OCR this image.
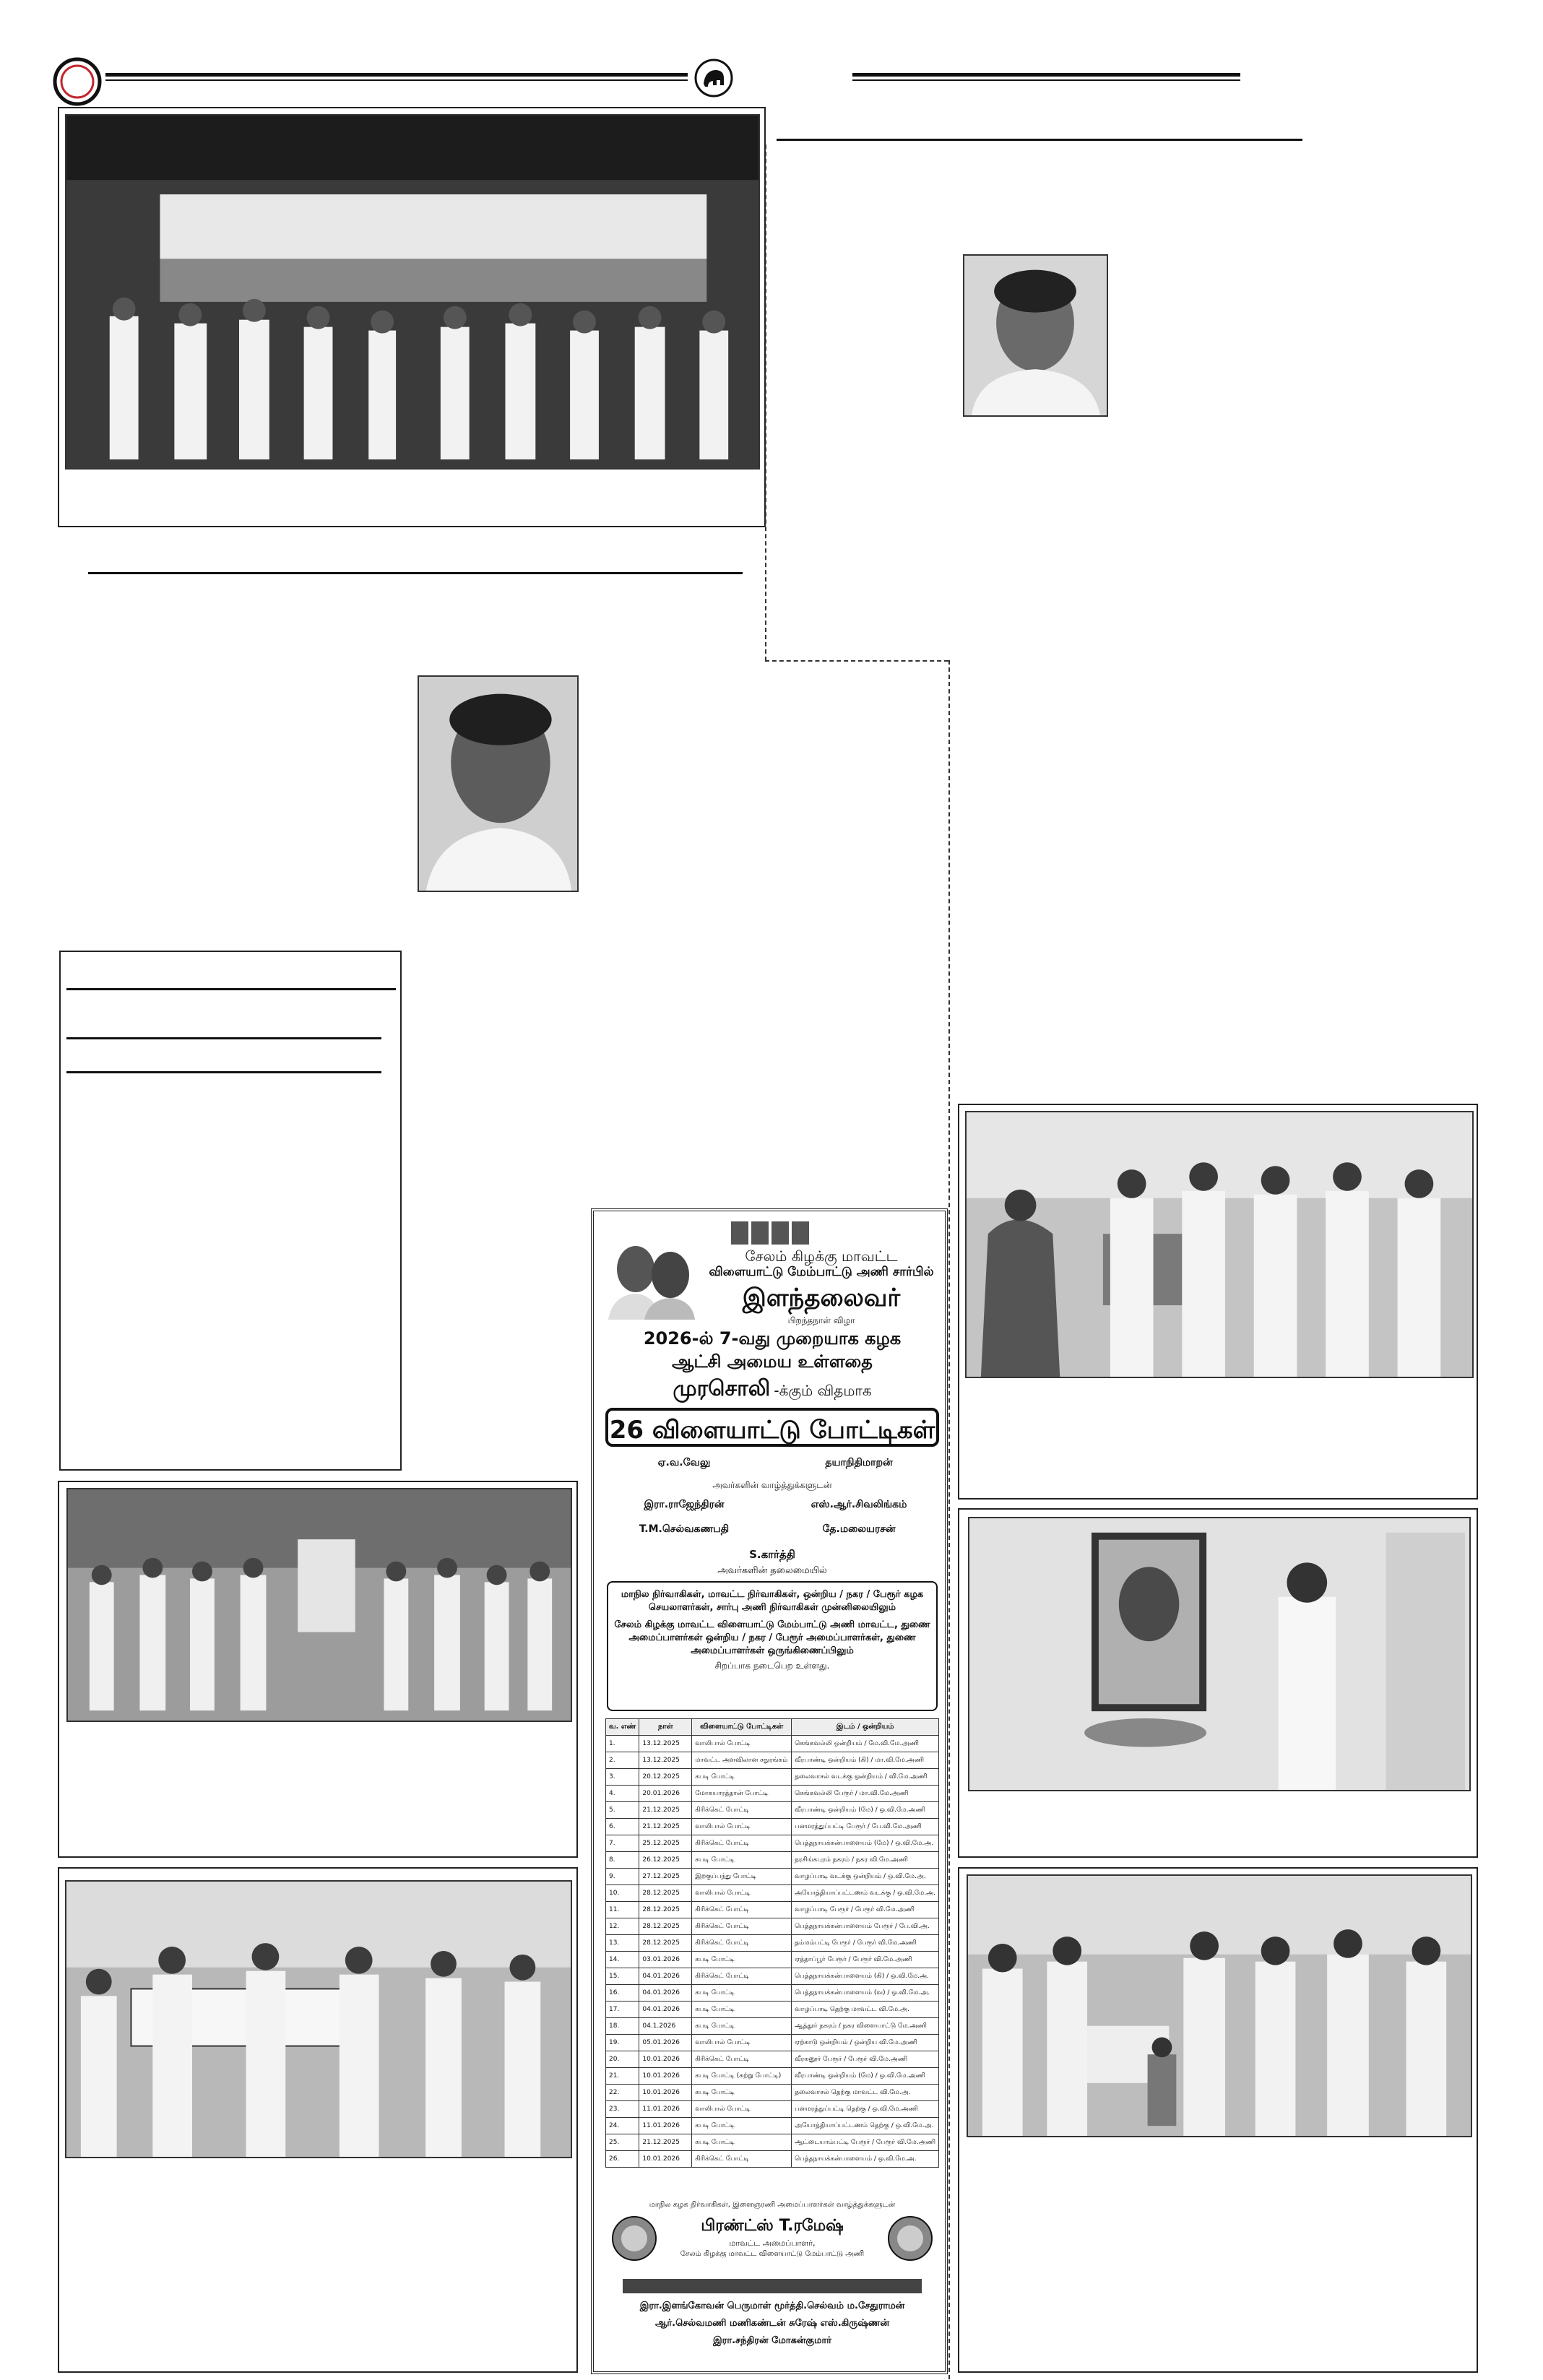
சேலம் கிழக்கு மாவட்ட
விளையாட்டு மேம்பாட்டு அணி சார்பில்
இளந்தலைவர்
பிறந்தநாள் விழா
2026-ல் 7-வது முறையாக கழக
ஆட்சி அமைய உள்ளதை
முரசொலி -க்கும் விதமாக
26 விளையாட்டு போட்டிகள்
ஏ.வ.வேலு	தயாநிதிமாறன்
அவர்களின் வாழ்த்துக்களுடன்
இரா.ராஜேந்திரன்	எஸ்.ஆர்.சிவலிங்கம்
T.M.செல்வகணபதி	தே.மலையரசன்
S.கார்த்தி
அவர்களின் தலைமையில்
மாநில நிர்வாகிகள், மாவட்ட நிர்வாகிகள், ஒன்றிய / நகர / பேரூர் கழக செயலாளர்கள், சார்பு அணி நிர்வாகிகள் முன்னிலையிலும்
சேலம் கிழக்கு மாவட்ட விளையாட்டு மேம்பாட்டு அணி மாவட்ட, துணை அமைப்பாளர்கள் ஒன்றிய / நகர / பேரூர் அமைப்பாளர்கள், துணை அமைப்பாளர்கள் ஒருங்கிணைப்பிலும்
சிறப்பாக நடைபெற உள்ளது.
வ. எண்	நாள்	விளையாட்டு போட்டிகள்	இடம் / ஒன்றியம்
1.	13.12.2025	வாலிபால் போட்டி	கெங்கவல்லி ஒன்றியம் / மே.வி.மே.அணி
2.	13.12.2025	மாவட்ட அளவிலான சதுரங்கம்	வீரபாண்டி ஒன்றியம் (கி) / மா.வி.மே.அணி
3.	20.12.2025	கபடி போட்டி	தலைவாசல் வடக்கு ஒன்றியம் / வி.மே.அணி
4.	20.01.2026	மோகயாரத்தான் போட்டி	கெங்கவல்லி பேரூர் / மா.வி.மே.அணி
5.	21.12.2025	கிரிக்கெட் போட்டி	வீரபாண்டி ஒன்றியம் (மே) / ஒ.வி.மே.அணி
6.	21.12.2025	வாலிபால் போட்டி	பனமரத்துப்பட்டி பேரூர் / பே.வி.மே.அணி
7.	25.12.2025	கிரிக்கெட் போட்டி	பெத்தநாயக்கன்பாளையம் (மே) / ஒ.வி.மே.அ.
8.	26.12.2025	கபடி போட்டி	நரசிங்கபுரம் நகரம் / நகர வி.மே.அணி
9.	27.12.2025	இறகுப்பந்து போட்டி	வாழப்பாடி வடக்கு ஒன்றியம் / ஒ.வி.மே.அ.
10.	28.12.2025	வாலிபால் போட்டி	அயோத்தியாப்பட்டணம் வடக்கு / ஒ.வி.மே.அ.
11.	28.12.2025	கிரிக்கெட் போட்டி	வாழப்பாடி பேரூர் / பேரூர் வி.மே.அணி
12.	28.12.2025	கிரிக்கெட் போட்டி	பெத்தநாயக்கன்பாளையம் பேரூர் / பே.வி.அ.
13.	28.12.2025	கிரிக்கெட் போட்டி	தம்மம்பட்டி பேரூர் / பேரூர் வி.மே.அணி
14.	03.01.2026	கபடி போட்டி	ஏத்தாப்பூர் பேரூர் / பேரூர் வி.மே.அணி
15.	04.01.2026	கிரிக்கெட் போட்டி	பெத்தநாயக்கன்பாளையம் (கி) / ஒ.வி.மே.அ.
16.	04.01.2026	கபடி போட்டி	பெத்தநாயக்கன்பாளையம் (வ) / ஒ.வி.மே.அ.
17.	04.01.2026	கபடி போட்டி	வாழப்பாடி தெற்கு மாவட்ட வி.மே.அ.
18.	04.1.2026	கபடி போட்டி	ஆத்தூர் நகரம் / நகர விளையாட்டு மே.அணி
19.	05.01.2026	வாலிபால் போட்டி	ஏற்காடு ஒன்றியம் / ஒன்றிய வி.மே.அணி
20.	10.01.2026	கிரிக்கெட் போட்டி	வீரகனூர் பேரூர் / பேரூர் வி.மே.அணி
21.	10.01.2026	கபடி போட்டி (சுற்று போட்டி)	வீரபாண்டி ஒன்றியம் (மே) / ஒ.வி.மே.அணி
22.	10.01.2026	கபடி போட்டி	தலைவாசல் தெற்கு மாவட்ட வி.மே.அ.
23.	11.01.2026	வாலிபால் போட்டி	பனமரத்துப்பட்டி தெற்கு / ஒ.வி.மே.அணி
24.	11.01.2026	கபடி போட்டி	அயோத்தியாப்பட்டணம் தெற்கு / ஒ.வி.மே.அ.
25.	21.12.2025	கபடி போட்டி	ஆட்டையாம்பட்டி பேரூர் / பேரூர் வி.மே.அணி
26.	10.01.2026	கிரிக்கெட் போட்டி	பெத்தநாயக்கன்பாளையம் / ஒ.வி.மே.அ.
மாநில கழக நிர்வாகிகள், இளைஞரணி அமைப்பாளர்கள் வாழ்த்துக்களுடன்
பிரண்ட்ஸ் T.ரமேஷ்
மாவட்ட அமைப்பாளர்,
சேலம் கிழக்கு மாவட்ட விளையாட்டு மேம்பாட்டு அணி
இரா.இளங்கோவன் பெருமாள் மூர்த்தி.செல்வம் ம.சேதுராமன்
ஆர்.செல்வமணி மணிகண்டன் சுரேஷ் எஸ்.கிருஷ்ணன்
இரா.சந்திரன் மோகன்குமார்
